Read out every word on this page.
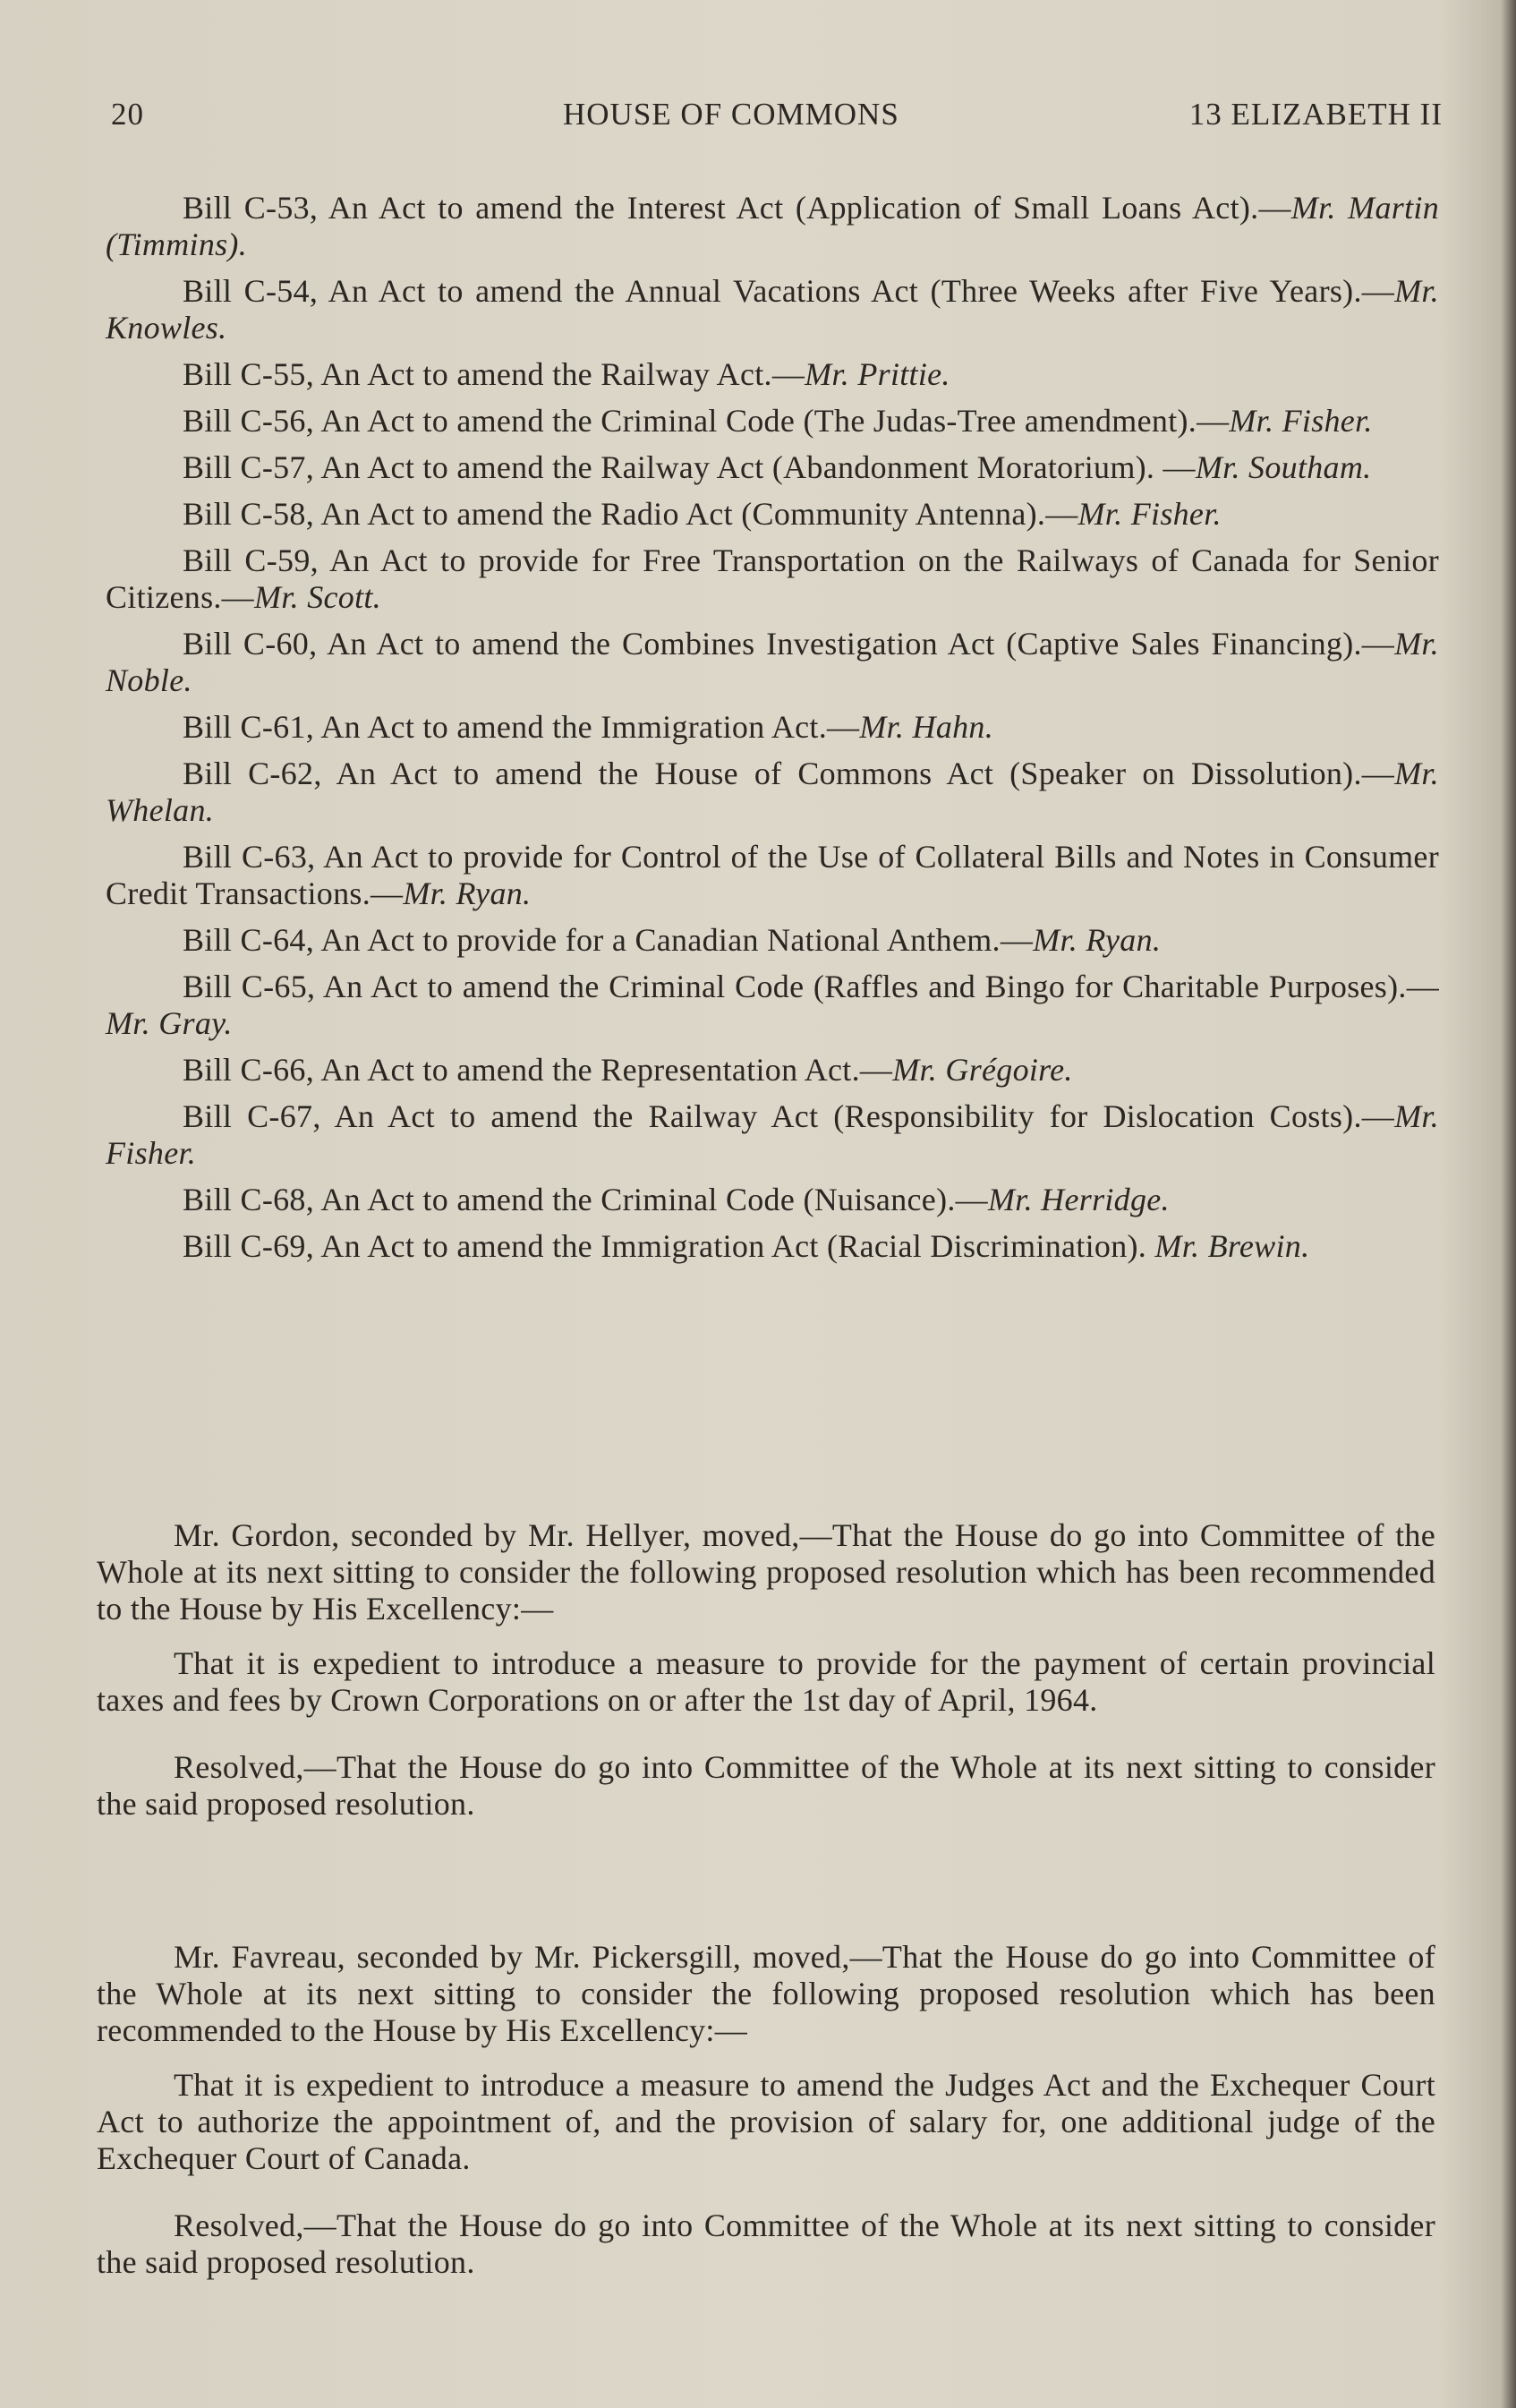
20	HOUSE OF COMMONS	13 ELIZABETH II

Bill C-53, An Act to amend the Interest Act (Application of Small Loans Act).—Mr. Martin (Timmins).

Bill C-54, An Act to amend the Annual Vacations Act (Three Weeks after Five Years).—Mr. Knowles.

Bill C-55, An Act to amend the Railway Act.—Mr. Prittie.

Bill C-56, An Act to amend the Criminal Code (The Judas-Tree amendment).—Mr. Fisher.

Bill C-57, An Act to amend the Railway Act (Abandonment Moratorium). —Mr. Southam.

Bill C-58, An Act to amend the Radio Act (Community Antenna).—Mr. Fisher.

Bill C-59, An Act to provide for Free Transportation on the Railways of Canada for Senior Citizens.—Mr. Scott.

Bill C-60, An Act to amend the Combines Investigation Act (Captive Sales Financing).—Mr. Noble.

Bill C-61, An Act to amend the Immigration Act.—Mr. Hahn.

Bill C-62, An Act to amend the House of Commons Act (Speaker on Dissolution).—Mr. Whelan.

Bill C-63, An Act to provide for Control of the Use of Collateral Bills and Notes in Consumer Credit Transactions.—Mr. Ryan.

Bill C-64, An Act to provide for a Canadian National Anthem.—Mr. Ryan.

Bill C-65, An Act to amend the Criminal Code (Raffles and Bingo for Charitable Purposes).—Mr. Gray.

Bill C-66, An Act to amend the Representation Act.—Mr. Grégoire.

Bill C-67, An Act to amend the Railway Act (Responsibility for Dislocation Costs).—Mr. Fisher.

Bill C-68, An Act to amend the Criminal Code (Nuisance).—Mr. Herridge.

Bill C-69, An Act to amend the Immigration Act (Racial Discrimination). Mr. Brewin.

Mr. Gordon, seconded by Mr. Hellyer, moved,—That the House do go into Committee of the Whole at its next sitting to consider the following proposed resolution which has been recommended to the House by His Excellency:—

That it is expedient to introduce a measure to provide for the payment of certain provincial taxes and fees by Crown Corporations on or after the 1st day of April, 1964.

Resolved,—That the House do go into Committee of the Whole at its next sitting to consider the said proposed resolution.

Mr. Favreau, seconded by Mr. Pickersgill, moved,—That the House do go into Committee of the Whole at its next sitting to consider the following proposed resolution which has been recommended to the House by His Excellency:—

That it is expedient to introduce a measure to amend the Judges Act and the Exchequer Court Act to authorize the appointment of, and the provision of salary for, one additional judge of the Exchequer Court of Canada.

Resolved,—That the House do go into Committee of the Whole at its next sitting to consider the said proposed resolution.
